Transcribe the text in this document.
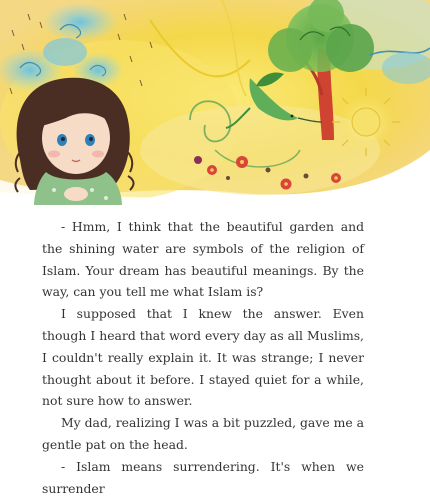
- Hmm, I think that the beautiful garden and the shining water are symbols of the religion of Islam. Your dream has beautiful meanings. By the way, can you tell me what Islam is?

I supposed that I knew the answer. Even though I heard that word every day as all Muslims, I couldn't really explain it. It was strange; I never thought about it before. I stayed quiet for a while, not sure how to answer.

My dad, realizing I was a bit puzzled, gave me a gentle pat on the head.

- Islam means surrendering. It's when we surrender
